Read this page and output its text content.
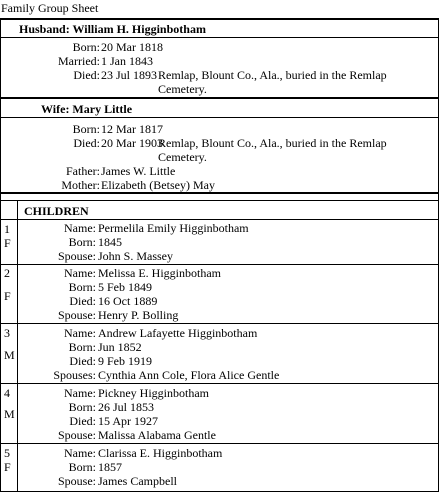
Family Group Sheet
Husband: William H. Higginbotham
Born: 20 Mar 1818
Married: 1 Jan 1843
Died: 23 Jul 1893 Remlap, Blount Co., Ala., buried in the Remlap Cemetery.
Wife: Mary Little
Born: 12 Mar 1817
Died: 20 Mar 1903
Remlap, Blount Co., Ala., buried in the Remlap Cemetery.
Father: James W. Little
Mother: Elizabeth (Betsey) May
CHILDREN
1
F
Name: Permelila Emily Higginbotham
Born: 1845
Spouse: John S. Massey
2
F
Name: Melissa E. Higginbotham
Born: 5 Feb 1849
Died: 16 Oct 1889
Spouse: Henry P. Bolling
3
M
Name: Andrew Lafayette Higginbotham
Born: Jun 1852
Died: 9 Feb 1919
Spouses: Cynthia Ann Cole, Flora Alice Gentle
4
M
Name: Pickney Higginbotham
Born: 26 Jul 1853
Died: 15 Apr 1927
Spouse: Malissa Alabama Gentle
5
F
Name: Clarissa E. Higginbotham
Born: 1857
Spouse: James Campbell
